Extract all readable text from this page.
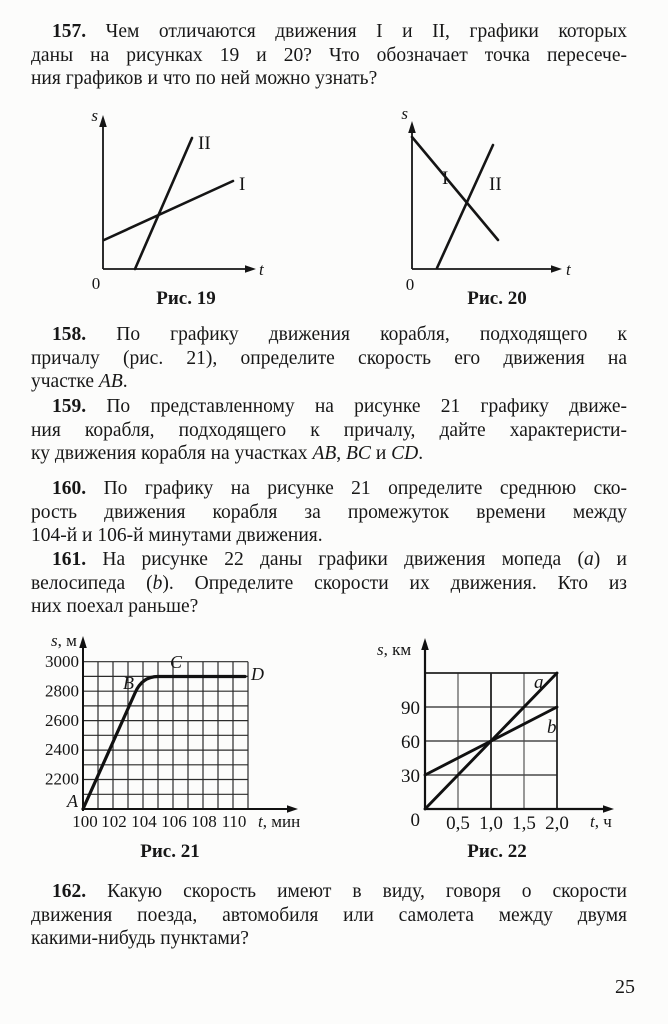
157. Чем отличаются движения I и II, графики которых
даны на рисунках 19 и 20? Что обозначает точка пересече-
ния графиков и что по ней можно узнать?
158. По графику движения корабля, подходящего к
причалу (рис. 21), определите скорость его движения на
участке AB.
159. По представленному на рисунке 21 графику движе-
ния корабля, подходящего к причалу, дайте характеристи-
ку движения корабля на участках AB, BC и CD.
160. По графику на рисунке 21 определите среднюю ско-
рость движения корабля за промежуток времени между
104-й и 106-й минутами движения.
161. На рисунке 22 даны графики движения мопеда (a) и
велосипеда (b). Определите скорости их движения. Кто из
них поехал раньше?
162. Какую скорость имеют в виду, говоря о скорости
движения поезда, автомобиля или самолета между двумя
какими-нибудь пунктами?
s
t
0
I
II
Рис. 19
s
t
0
I II
Рис. 20
3000
2800
2600
2400
2200
100 102 104 106 108 110
s, м
t, мин
A
B
C
D
Рис. 21
90
60
30
0 0,5 1,0 1,5 2,0
s, км
t, ч
a
b
Рис. 22
25
